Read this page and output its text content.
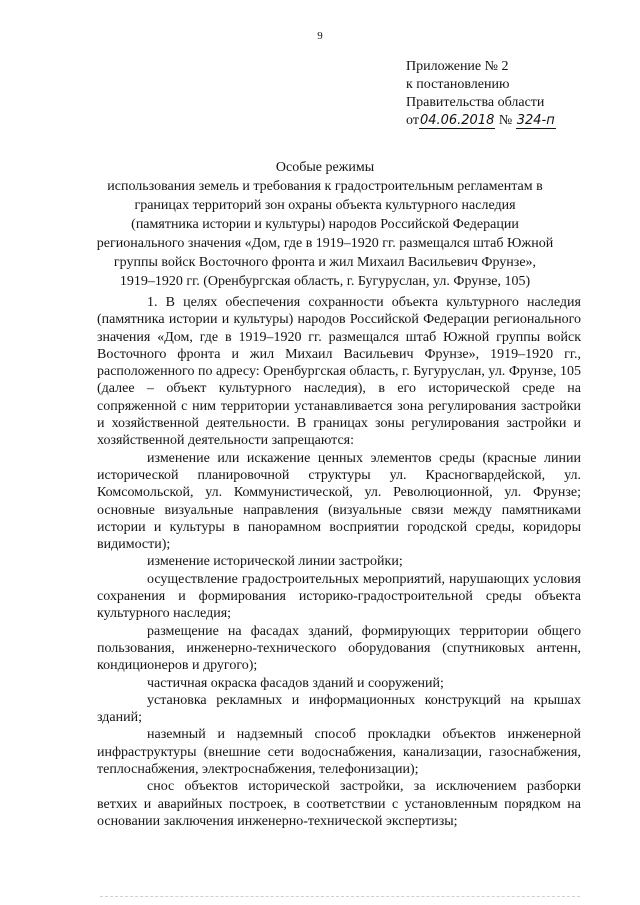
9
Приложение № 2
к постановлению
Правительства области
от04.06.2018 № 324-п
Особые режимы
использования земель и требования к градостроительным регламентам в
границах территорий зон охраны объекта культурного наследия
(памятника истории и культуры) народов Российской Федерации
регионального значения «Дом, где в 1919–1920 гг. размещался штаб Южной
группы войск Восточного фронта и жил Михаил Васильевич Фрунзе»,
1919–1920 гг. (Оренбургская область, г. Бугуруслан, ул. Фрунзе, 105)

1. В целях обеспечения сохранности объекта культурного наследия (памятника истории и культуры) народов Российской Федерации регионального значения «Дом, где в 1919–1920 гг. размещался штаб Южной группы войск Восточного фронта и жил Михаил Васильевич Фрунзе», 1919–1920 гг., расположенного по адресу: Оренбургская область, г. Бугуруслан, ул. Фрунзе, 105 (далее – объект культурного наследия), в его исторической среде на сопряженной с ним территории устанавливается зона регулирования застройки и хозяйственной деятельности. В границах зоны регулирования застройки и хозяйственной деятельности запрещаются:

изменение или искажение ценных элементов среды (красные линии исторической планировочной структуры ул. Красногвардейской, ул. Комсомольской, ул. Коммунистической, ул. Революционной, ул. Фрунзе; основные визуальные направления (визуальные связи между памятниками истории и культуры в панорамном восприятии городской среды, коридоры видимости);

изменение исторической линии застройки;

осуществление градостроительных мероприятий, нарушающих условия сохранения и формирования историко-градостроительной среды объекта культурного наследия;

размещение на фасадах зданий, формирующих территории общего пользования, инженерно-технического оборудования (спутниковых антенн, кондиционеров и другого);

частичная окраска фасадов зданий и сооружений;

установка рекламных и информационных конструкций на крышах зданий;

наземный и надземный способ прокладки объектов инженерной инфраструктуры (внешние сети водоснабжения, канализации, газоснабжения, теплоснабжения, электроснабжения, телефонизации);

снос объектов исторической застройки, за исключением разборки ветхих и аварийных построек, в соответствии с установленным порядком на основании заключения инженерно-технической экспертизы;
